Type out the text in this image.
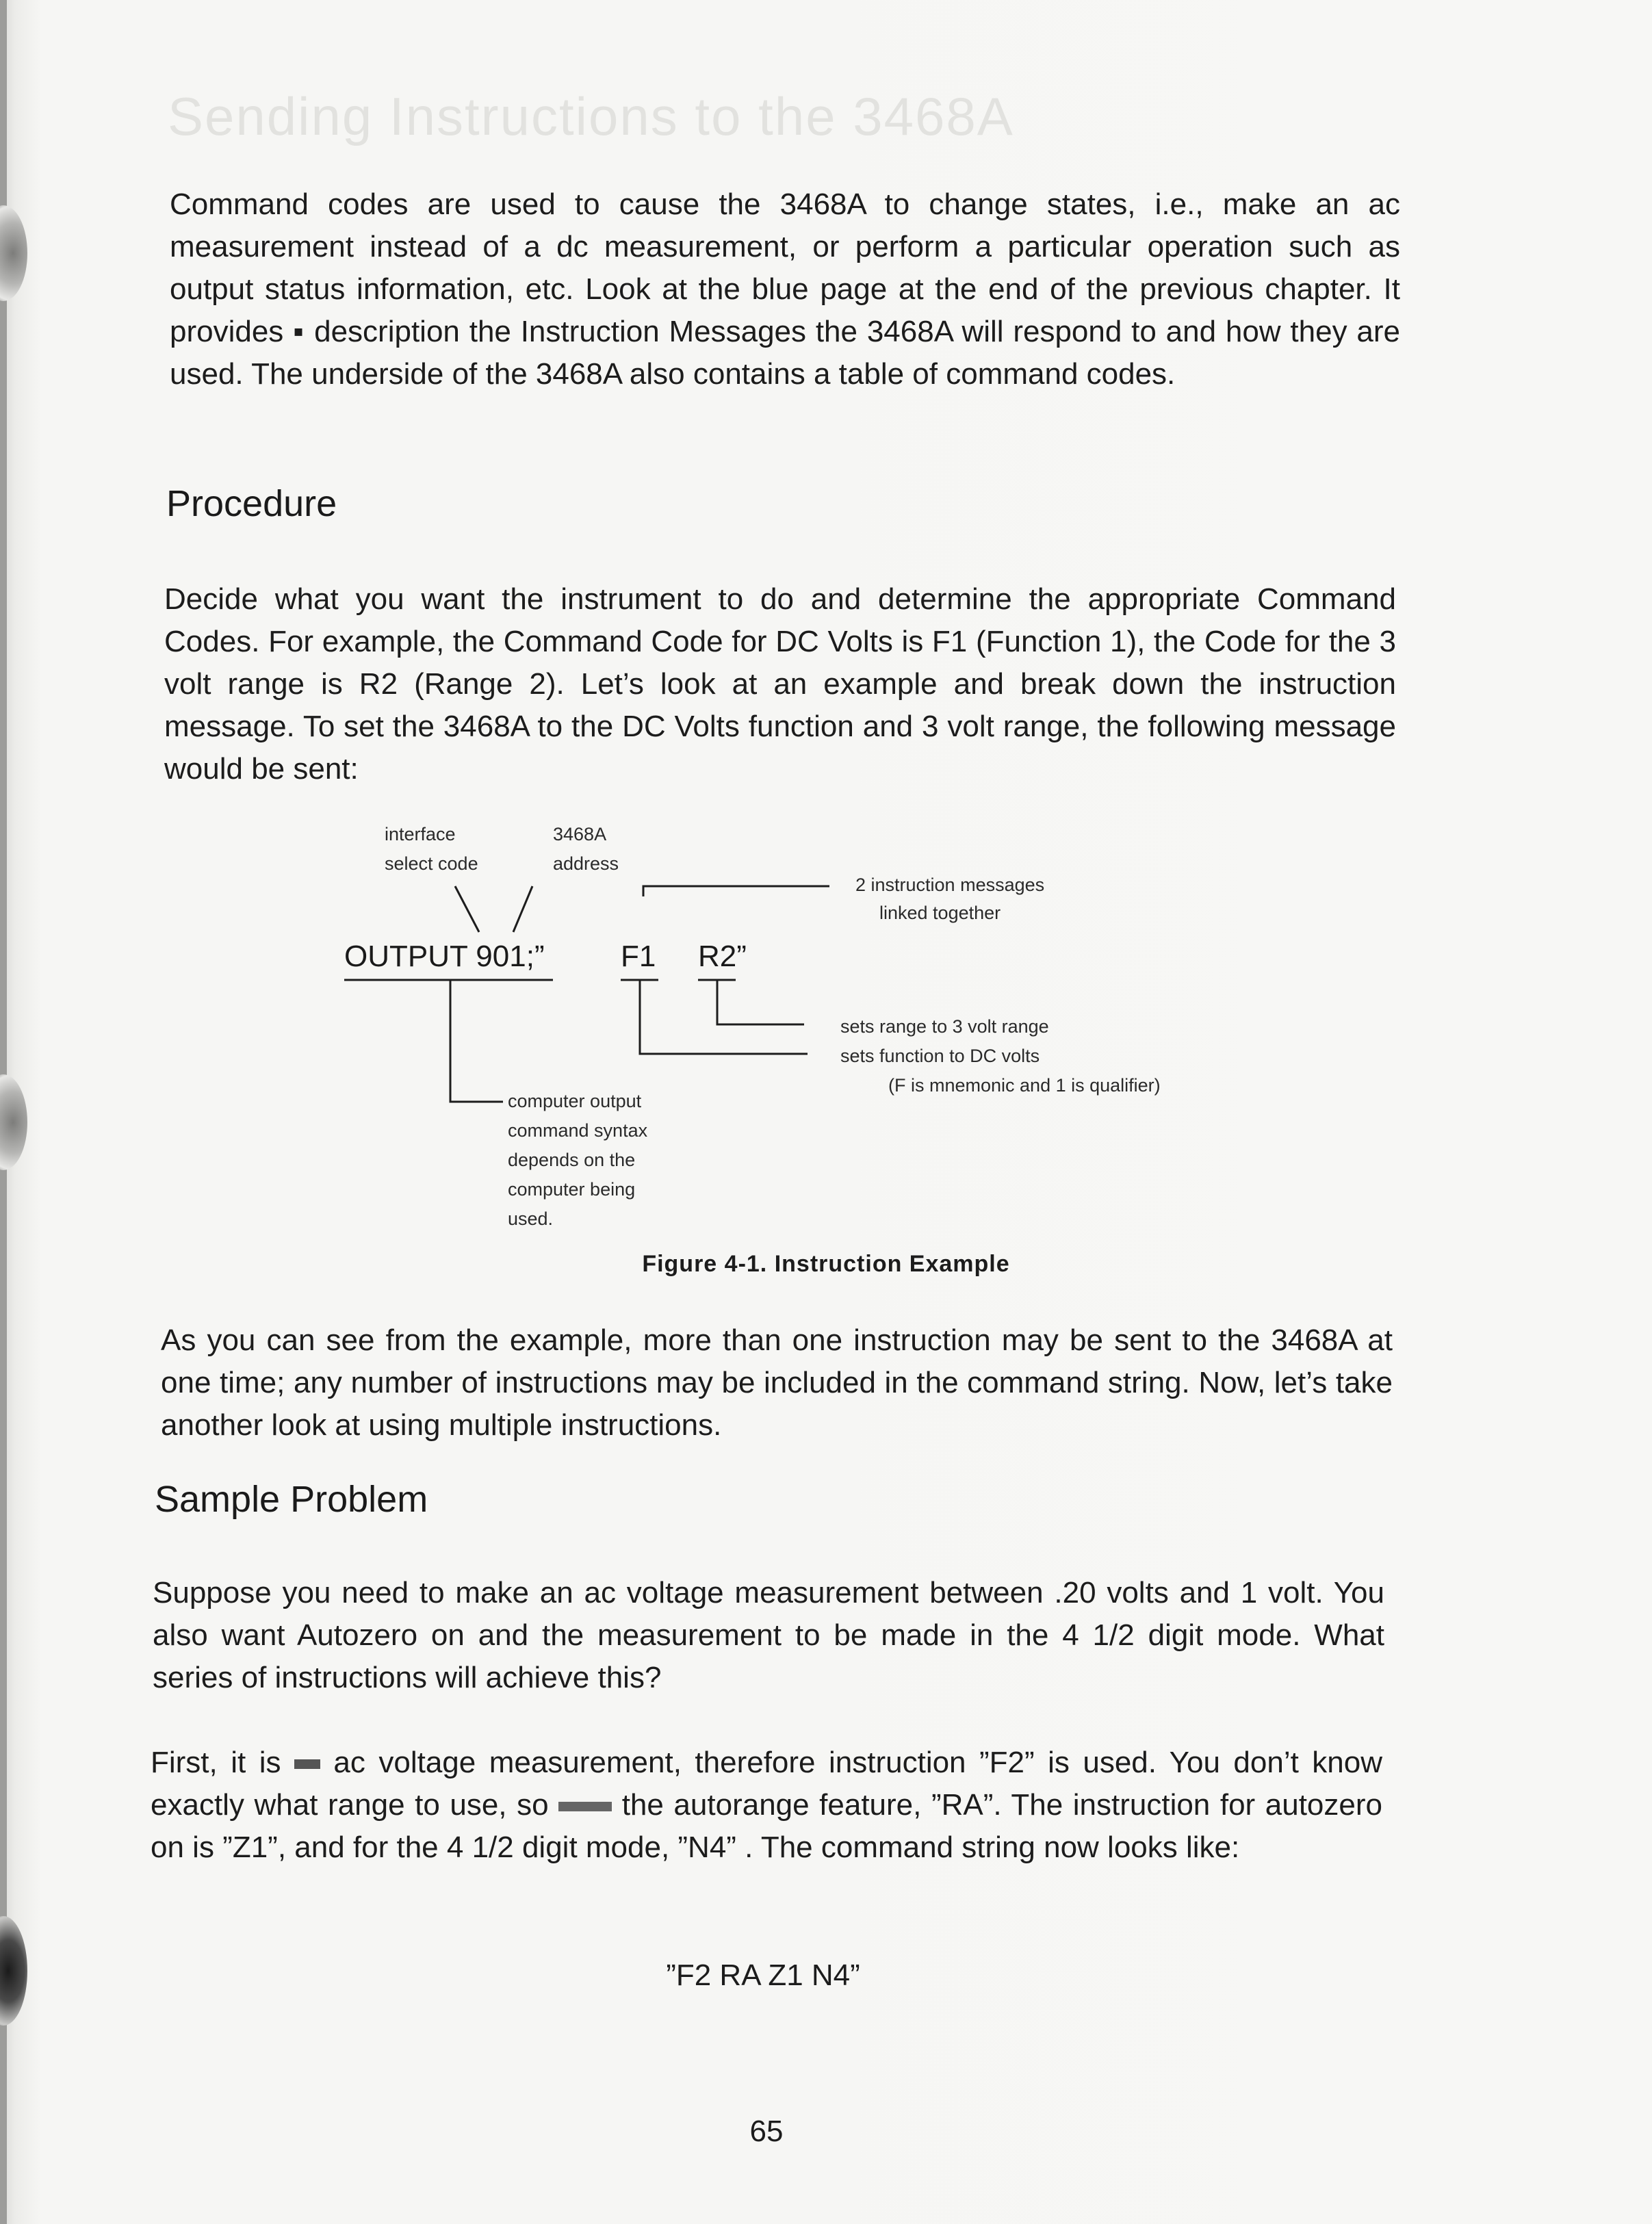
Sending Instructions to the 3468A

Command codes are used to cause the 3468A to change states, i.e., make an ac measurement instead of a dc measurement, or perform a particular operation such as output status information, etc. Look at the blue page at the end of the previous chapter. It provides ▪ description the Instruction Messages the 3468A will respond to and how they are used. The underside of the 3468A also contains a table of command codes.

Procedure

Decide what you want the instrument to do and determine the appropriate Command Codes. For example, the Command Code for DC Volts is F1 (Function 1), the Code for the 3 volt range is R2 (Range 2). Let’s look at an example and break down the instruction message. To set the 3468A to the DC Volts function and 3 volt range, the following message would be sent:

interface
select code
3468A
address
2 instruction messages
linked together
OUTPUT 901;”	F1 R2”
sets range to 3 volt range
sets function to DC volts
(F is mnemonic and 1 is qualifier)
computer output
command syntax
depends on the
computer being
used.
Figure 4-1. Instruction Example

As you can see from the example, more than one instruction may be sent to the 3468A at one time; any number of instructions may be included in the command string. Now, let’s take another look at using multiple instructions.

Sample Problem

Suppose you need to make an ac voltage measurement between .20 volts and 1 volt. You also want Autozero on and the measurement to be made in the 4 1/2 digit mode. What series of instructions will achieve this?

First, it is  ac voltage measurement, therefore instruction ”F2” is used. You don’t know exactly what range to use, so  the autorange feature, ”RA”. The instruction for autozero on is ”Z1”, and for the 4 1/2 digit mode, ”N4” . The command string now looks like:

”F2 RA Z1 N4”
65
